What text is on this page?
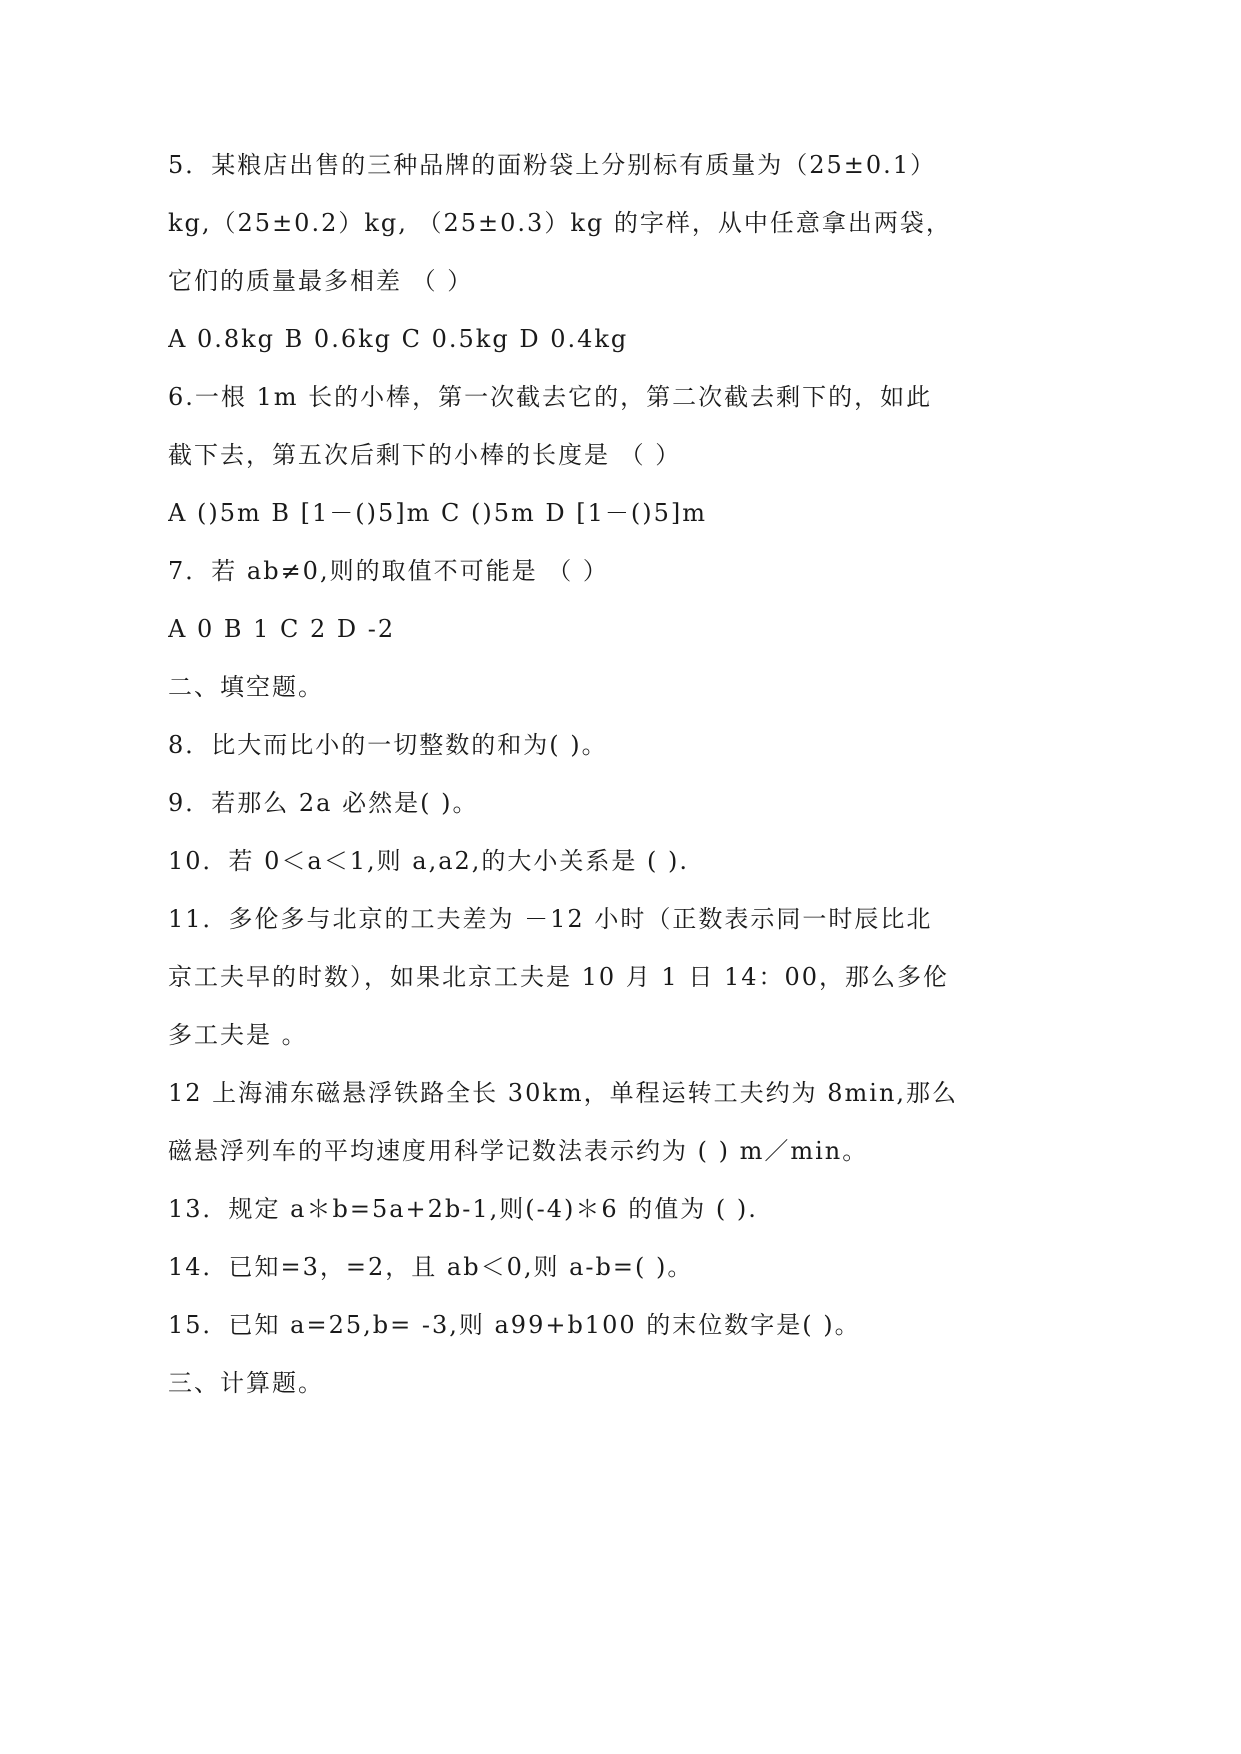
5．某粮店出售的三种品牌的面粉袋上分别标有质量为（25±0.1）
kg,（25±0.2）kg, （25±0.3）kg 的字样，从中任意拿出两袋，
它们的质量最多相差 （ ）
A 0.8kg B 0.6kg C 0.5kg D 0.4kg
6.一根 1m 长的小棒，第一次截去它的，第二次截去剩下的，如此
截下去，第五次后剩下的小棒的长度是 （ ）
A ()5m B [1－()5]m C ()5m D [1－()5]m
7．若 ab≠0,则的取值不可能是 （ ）
A 0 B 1 C 2 D -2
二、填空题。
8．比大而比小的一切整数的和为( )。
9．若那么 2a 必然是( )。
10．若 0＜a＜1,则 a,a2,的大小关系是 ( ).
11．多伦多与北京的工夫差为 －12 小时（正数表示同一时辰比北
京工夫早的时数），如果北京工夫是 10 月 1 日 14：00，那么多伦
多工夫是 。
12 上海浦东磁悬浮铁路全长 30km，单程运转工夫约为 8min,那么
磁悬浮列车的平均速度用科学记数法表示约为 ( ) m／min。
13．规定 a＊b=5a+2b-1,则(-4)＊6 的值为 ( ).
14．已知=3，=2，且 ab＜0,则 a-b=( )。
15．已知 a=25,b= -3,则 a99+b100 的末位数字是( )。
三、计算题。
